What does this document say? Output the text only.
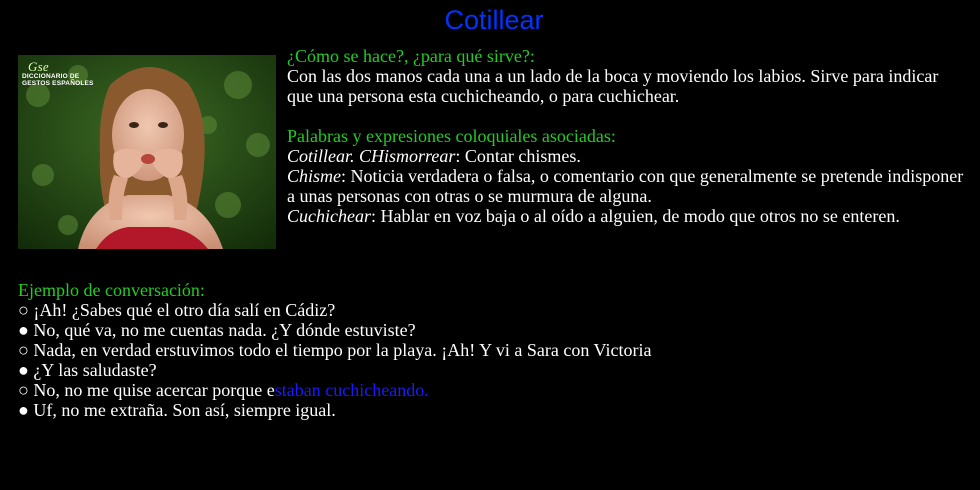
Cotillear
Gse
DICCIONARIO DE
GESTOS ESPAÑOLES
¿Cómo se hace?, ¿para qué sirve?:
Con las dos manos cada una a un lado de la boca y moviendo los labios. Sirve para indicar que una persona esta cuchicheando, o para cuchichear.
Palabras y expresiones coloquiales asociadas:
Cotillear. CHismorrear: Contar chismes.
Chisme: Noticia verdadera o falsa, o comentario con que generalmente se pretende indisponer a unas personas con otras o se murmura de alguna.
Cuchichear: Hablar en voz baja o al oído a alguien, de modo que otros no se enteren.
Ejemplo de conversación:
○ ¡Ah! ¿Sabes qué el otro día salí en Cádiz?
● No, qué va, no me cuentas nada. ¿Y dónde estuviste?
○ Nada, en verdad erstuvimos todo el tiempo por la playa. ¡Ah! Y vi a Sara con Victoria
● ¿Y las saludaste?
○ No, no me quise acercar porque estaban cuchicheando.
● Uf, no me extraña. Son así, siempre igual.
